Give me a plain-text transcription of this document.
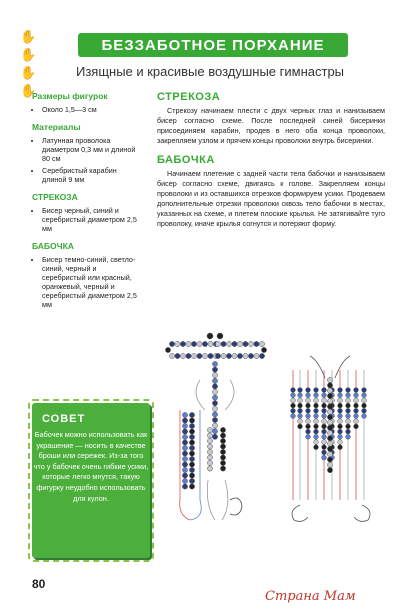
✋
✋
✋
✋
БЕЗЗАБОТНОЕ ПОРХАНИЕ
Изящные и красивые воздушные гимнастры
Размеры фигурок
• Около 1,5—3 см
Материалы
• Латунная проволока диаметром 0,3 мм и длиной 80 см
• Серебристый карабин длиной 9 мм
СТРЕКОЗА
• Бисер черный, синий и серебристый диаметром 2,5 мм
БАБОЧКА
• Бисер темно-синий, светло-синий, черный и серебристый или красный, оранжевый, черный и серебристый диаметром 2,5 мм
СТРЕКОЗА

Стрекозу начинаем плести с двух черных глаз и нанизываем бисер согласно схеме. После последней синей бисеринки присоединяем карабин, продев в него оба конца проволоки, закрепляем узлом и прячем концы проволоки внутрь бисеринки.

БАБОЧКА

Начинаем плетение с задней части тела бабочки и нанизываем бисер согласно схеме, двигаясь к голове. Закрепляем концы проволоки и из оставшихся отрезков формируем усики. Продеваем дополнительные отрезки проволоки сквозь тело бабочки в местах, указанных на схеме, и плетем плоские крылья. Не затягивайте тугo проволоку, иначе крылья согнутся и потеряют форму.

СОВЕТ
Бабочек можно использовать как украшение — носить в качестве броши или сережек. Из-за того что у бабочек очень гибкие усики, которые легко мнутся, такую фигурку неудобно использовать для кулон.
80
Страна Мам
